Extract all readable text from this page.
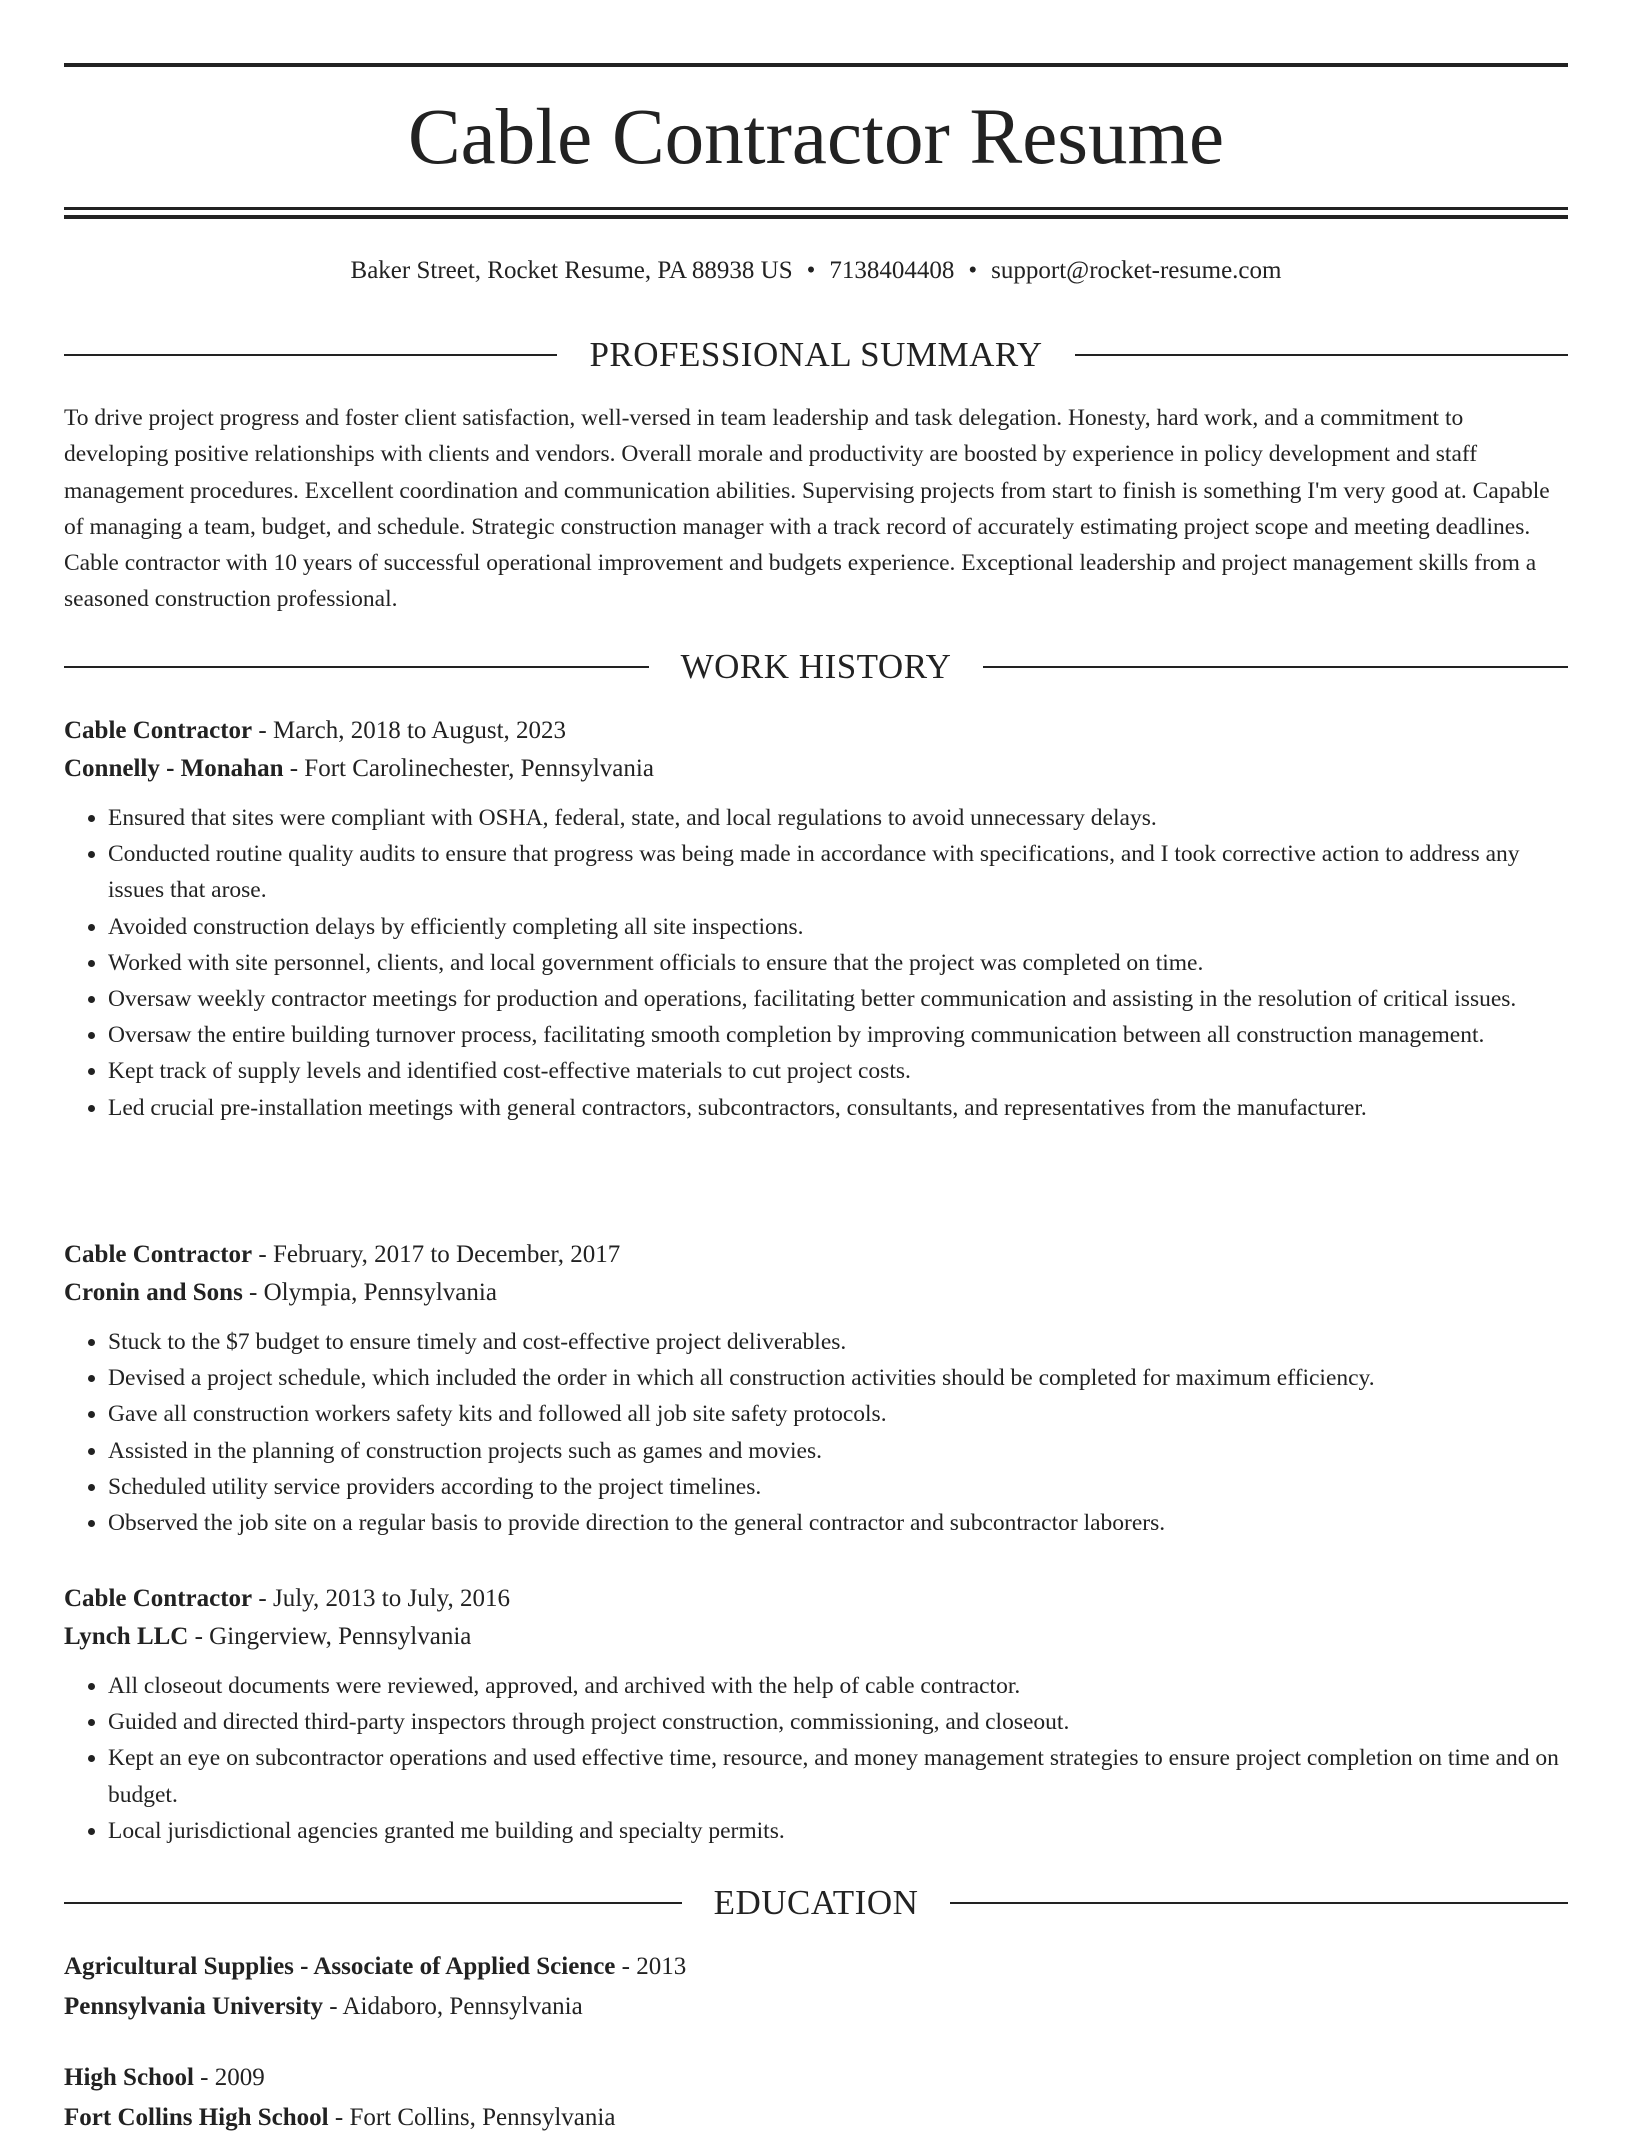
Cable Contractor Resume
Baker Street, Rocket Resume, PA 88938 US • 7138404408 • support@rocket-resume.com
PROFESSIONAL SUMMARY

To drive project progress and foster client satisfaction, well-versed in team leadership and task delegation. Honesty, hard work, and a commitment to developing positive relationships with clients and vendors. Overall morale and productivity are boosted by experience in policy development and staff management procedures. Excellent coordination and communication abilities. Supervising projects from start to finish is something I'm very good at. Capable of managing a team, budget, and schedule. Strategic construction manager with a track record of accurately estimating project scope and meeting deadlines. Cable contractor with 10 years of successful operational improvement and budgets experience. Exceptional leadership and project management skills from a seasoned construction professional.

WORK HISTORY
Cable Contractor - March, 2018 to August, 2023
Connelly - Monahan - Fort Carolinechester, Pennsylvania
• Ensured that sites were compliant with OSHA, federal, state, and local regulations to avoid unnecessary delays.
• Conducted routine quality audits to ensure that progress was being made in accordance with specifications, and I took corrective action to address any issues that arose.
• Avoided construction delays by efficiently completing all site inspections.
• Worked with site personnel, clients, and local government officials to ensure that the project was completed on time.
• Oversaw weekly contractor meetings for production and operations, facilitating better communication and assisting in the resolution of critical issues.
• Oversaw the entire building turnover process, facilitating smooth completion by improving communication between all construction management.
• Kept track of supply levels and identified cost-effective materials to cut project costs.
• Led crucial pre-installation meetings with general contractors, subcontractors, consultants, and representatives from the manufacturer.
Cable Contractor - February, 2017 to December, 2017
Cronin and Sons - Olympia, Pennsylvania
• Stuck to the $7 budget to ensure timely and cost-effective project deliverables.
• Devised a project schedule, which included the order in which all construction activities should be completed for maximum efficiency.
• Gave all construction workers safety kits and followed all job site safety protocols.
• Assisted in the planning of construction projects such as games and movies.
• Scheduled utility service providers according to the project timelines.
• Observed the job site on a regular basis to provide direction to the general contractor and subcontractor laborers.
Cable Contractor - July, 2013 to July, 2016
Lynch LLC - Gingerview, Pennsylvania
• All closeout documents were reviewed, approved, and archived with the help of cable contractor.
• Guided and directed third-party inspectors through project construction, commissioning, and closeout.
• Kept an eye on subcontractor operations and used effective time, resource, and money management strategies to ensure project completion on time and on budget.
• Local jurisdictional agencies granted me building and specialty permits.
EDUCATION
Agricultural Supplies - Associate of Applied Science - 2013
Pennsylvania University - Aidaboro, Pennsylvania
High School - 2009
Fort Collins High School - Fort Collins, Pennsylvania
